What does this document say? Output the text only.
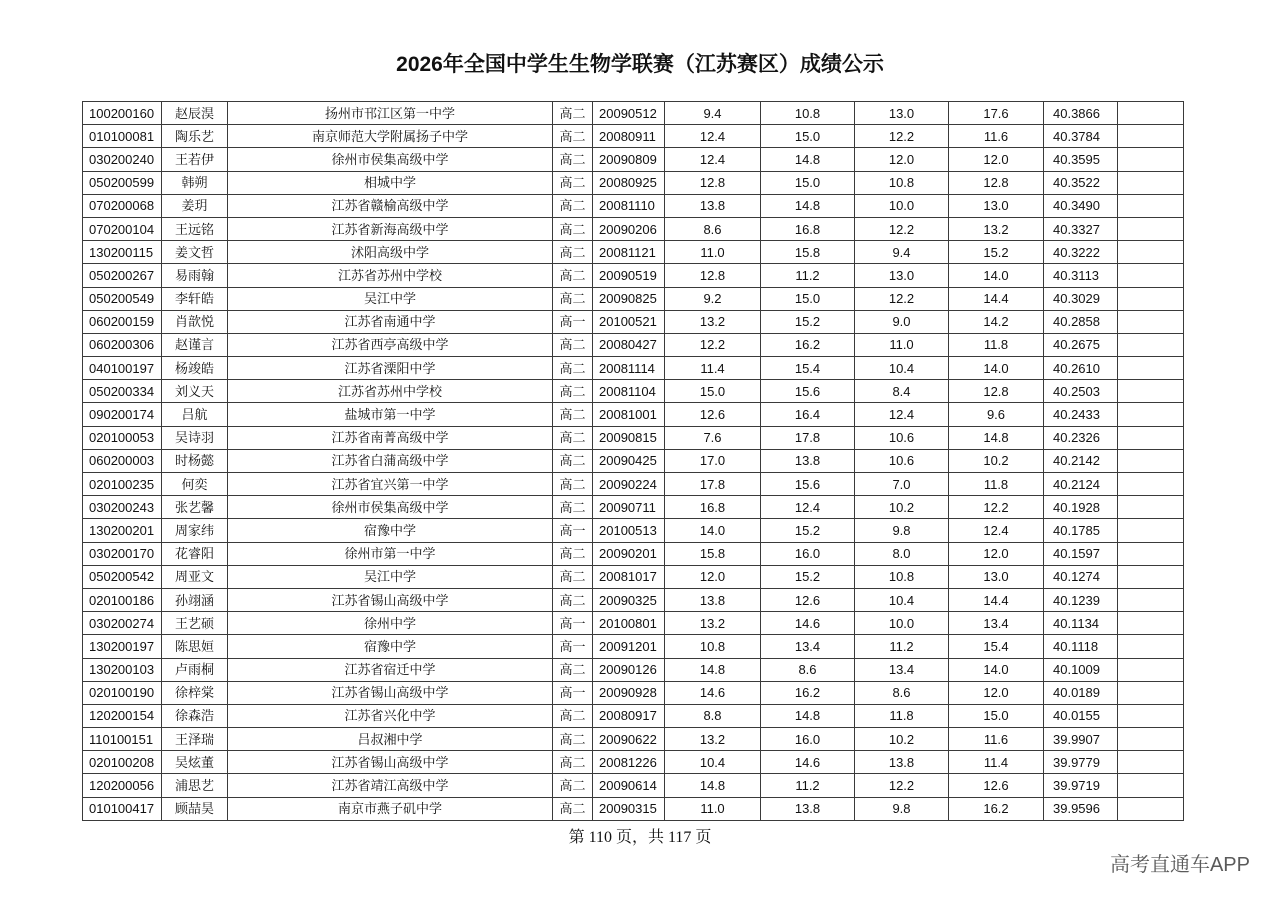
2026年全国中学生生物学联赛（江苏赛区）成绩公示
100200160	赵辰淏	扬州市邗江区第一中学	高二	20090512	9.4	10.8	13.0	17.6	40.3866	
010100081	陶乐艺	南京师范大学附属扬子中学	高二	20080911	12.4	15.0	12.2	11.6	40.3784	
030200240	王若伊	徐州市侯集高级中学	高二	20090809	12.4	14.8	12.0	12.0	40.3595	
050200599	韩朔	相城中学	高二	20080925	12.8	15.0	10.8	12.8	40.3522	
070200068	姜玥	江苏省赣榆高级中学	高二	20081110	13.8	14.8	10.0	13.0	40.3490	
070200104	王远铭	江苏省新海高级中学	高二	20090206	8.6	16.8	12.2	13.2	40.3327	
130200115	姜文哲	沭阳高级中学	高二	20081121	11.0	15.8	9.4	15.2	40.3222	
050200267	易雨翰	江苏省苏州中学校	高二	20090519	12.8	11.2	13.0	14.0	40.3113	
050200549	李轩皓	吴江中学	高二	20090825	9.2	15.0	12.2	14.4	40.3029	
060200159	肖歆悦	江苏省南通中学	高一	20100521	13.2	15.2	9.0	14.2	40.2858	
060200306	赵谨言	江苏省西亭高级中学	高二	20080427	12.2	16.2	11.0	11.8	40.2675	
040100197	杨竣皓	江苏省溧阳中学	高二	20081114	11.4	15.4	10.4	14.0	40.2610	
050200334	刘义天	江苏省苏州中学校	高二	20081104	15.0	15.6	8.4	12.8	40.2503	
090200174	吕航	盐城市第一中学	高二	20081001	12.6	16.4	12.4	9.6	40.2433	
020100053	吴诗羽	江苏省南菁高级中学	高二	20090815	7.6	17.8	10.6	14.8	40.2326	
060200003	时杨懿	江苏省白蒲高级中学	高二	20090425	17.0	13.8	10.6	10.2	40.2142	
020100235	何奕	江苏省宜兴第一中学	高二	20090224	17.8	15.6	7.0	11.8	40.2124	
030200243	张艺馨	徐州市侯集高级中学	高二	20090711	16.8	12.4	10.2	12.2	40.1928	
130200201	周家纬	宿豫中学	高一	20100513	14.0	15.2	9.8	12.4	40.1785	
030200170	花睿阳	徐州市第一中学	高二	20090201	15.8	16.0	8.0	12.0	40.1597	
050200542	周亚文	吴江中学	高二	20081017	12.0	15.2	10.8	13.0	40.1274	
020100186	孙翊涵	江苏省锡山高级中学	高二	20090325	13.8	12.6	10.4	14.4	40.1239	
030200274	王艺硕	徐州中学	高一	20100801	13.2	14.6	10.0	13.4	40.1134	
130200197	陈思姮	宿豫中学	高一	20091201	10.8	13.4	11.2	15.4	40.1118	
130200103	卢雨桐	江苏省宿迁中学	高二	20090126	14.8	8.6	13.4	14.0	40.1009	
020100190	徐梓棠	江苏省锡山高级中学	高一	20090928	14.6	16.2	8.6	12.0	40.0189	
120200154	徐森浩	江苏省兴化中学	高二	20080917	8.8	14.8	11.8	15.0	40.0155	
110100151	王泽瑞	吕叔湘中学	高二	20090622	13.2	16.0	10.2	11.6	39.9907	
020100208	吴炫董	江苏省锡山高级中学	高二	20081226	10.4	14.6	13.8	11.4	39.9779	
120200056	浦思艺	江苏省靖江高级中学	高二	20090614	14.8	11.2	12.2	12.6	39.9719	
010100417	顾喆昊	南京市燕子矶中学	高二	20090315	11.0	13.8	9.8	16.2	39.9596	
第 110 页，共 117 页
高考直通车APP
